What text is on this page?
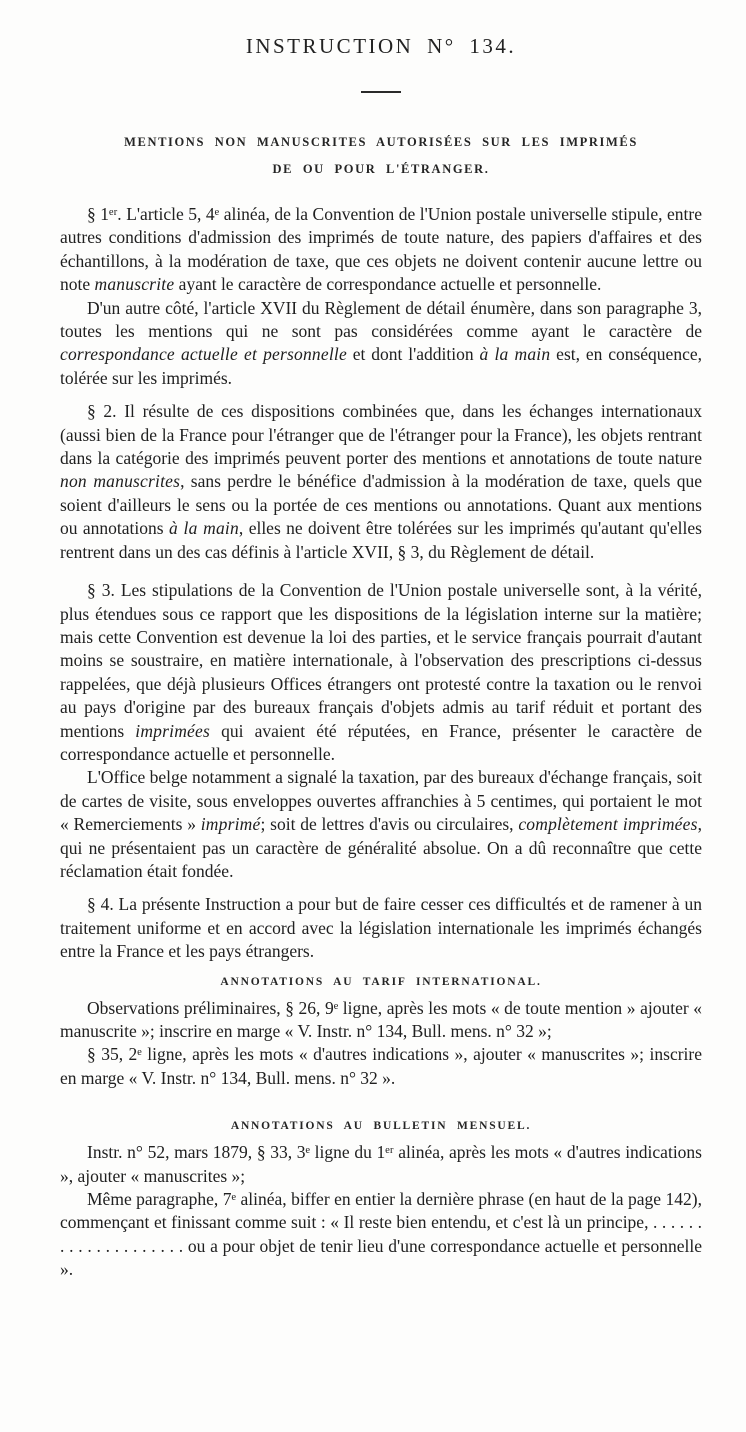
INSTRUCTION N° 134.
MENTIONS NON MANUSCRITES AUTORISÉES SUR LES IMPRIMÉS
DE OU POUR L'ÉTRANGER.

§ 1ᵉʳ. L'article 5, 4ᵉ alinéa, de la Convention de l'Union postale universelle stipule, entre autres conditions d'admission des imprimés de toute nature, des papiers d'affaires et des échantillons, à la modération de taxe, que ces objets ne doivent contenir aucune lettre ou note manuscrite ayant le caractère de correspondance actuelle et personnelle.

D'un autre côté, l'article XVII du Règlement de détail énumère, dans son paragraphe 3, toutes les mentions qui ne sont pas considérées comme ayant le caractère de correspondance actuelle et personnelle et dont l'addition à la main est, en conséquence, tolérée sur les imprimés.

§ 2. Il résulte de ces dispositions combinées que, dans les échanges internationaux (aussi bien de la France pour l'étranger que de l'étranger pour la France), les objets rentrant dans la catégorie des imprimés peuvent porter des mentions et annotations de toute nature non manuscrites, sans perdre le bénéfice d'admission à la modération de taxe, quels que soient d'ailleurs le sens ou la portée de ces mentions ou annotations. Quant aux mentions ou annotations à la main, elles ne doivent être tolérées sur les imprimés qu'autant qu'elles rentrent dans un des cas définis à l'article XVII, § 3, du Règlement de détail.

§ 3. Les stipulations de la Convention de l'Union postale universelle sont, à la vérité, plus étendues sous ce rapport que les dispositions de la législation interne sur la matière; mais cette Convention est devenue la loi des parties, et le service français pourrait d'autant moins se soustraire, en matière internationale, à l'observation des prescriptions ci-dessus rappelées, que déjà plusieurs Offices étrangers ont protesté contre la taxation ou le renvoi au pays d'origine par des bureaux français d'objets admis au tarif réduit et portant des mentions imprimées qui avaient été réputées, en France, présenter le caractère de correspondance actuelle et personnelle.

L'Office belge notamment a signalé la taxation, par des bureaux d'échange français, soit de cartes de visite, sous enveloppes ouvertes affranchies à 5 centimes, qui portaient le mot « Remerciements » imprimé; soit de lettres d'avis ou circulaires, complètement imprimées, qui ne présentaient pas un caractère de généralité absolue. On a dû reconnaître que cette réclamation était fondée.

§ 4. La présente Instruction a pour but de faire cesser ces difficultés et de ramener à un traitement uniforme et en accord avec la législation internationale les imprimés échangés entre la France et les pays étrangers.

ANNOTATIONS AU TARIF INTERNATIONAL.

Observations préliminaires, § 26, 9ᵉ ligne, après les mots « de toute mention » ajouter « manuscrite »; inscrire en marge « V. Instr. n° 134, Bull. mens. n° 32 »;

§ 35, 2ᵉ ligne, après les mots « d'autres indications », ajouter « manuscrites »; inscrire en marge « V. Instr. n° 134, Bull. mens. n° 32 ».

ANNOTATIONS AU BULLETIN MENSUEL.

Instr. n° 52, mars 1879, § 33, 3ᵉ ligne du 1ᵉʳ alinéa, après les mots « d'autres indications », ajouter « manuscrites »;

Même paragraphe, 7ᵉ alinéa, biffer en entier la dernière phrase (en haut de la page 142), commençant et finissant comme suit : « Il reste bien entendu, et c'est là un principe, . . . . . . . . . . . . . . . . . . . . ou a pour objet de tenir lieu d'une correspondance actuelle et personnelle ».
